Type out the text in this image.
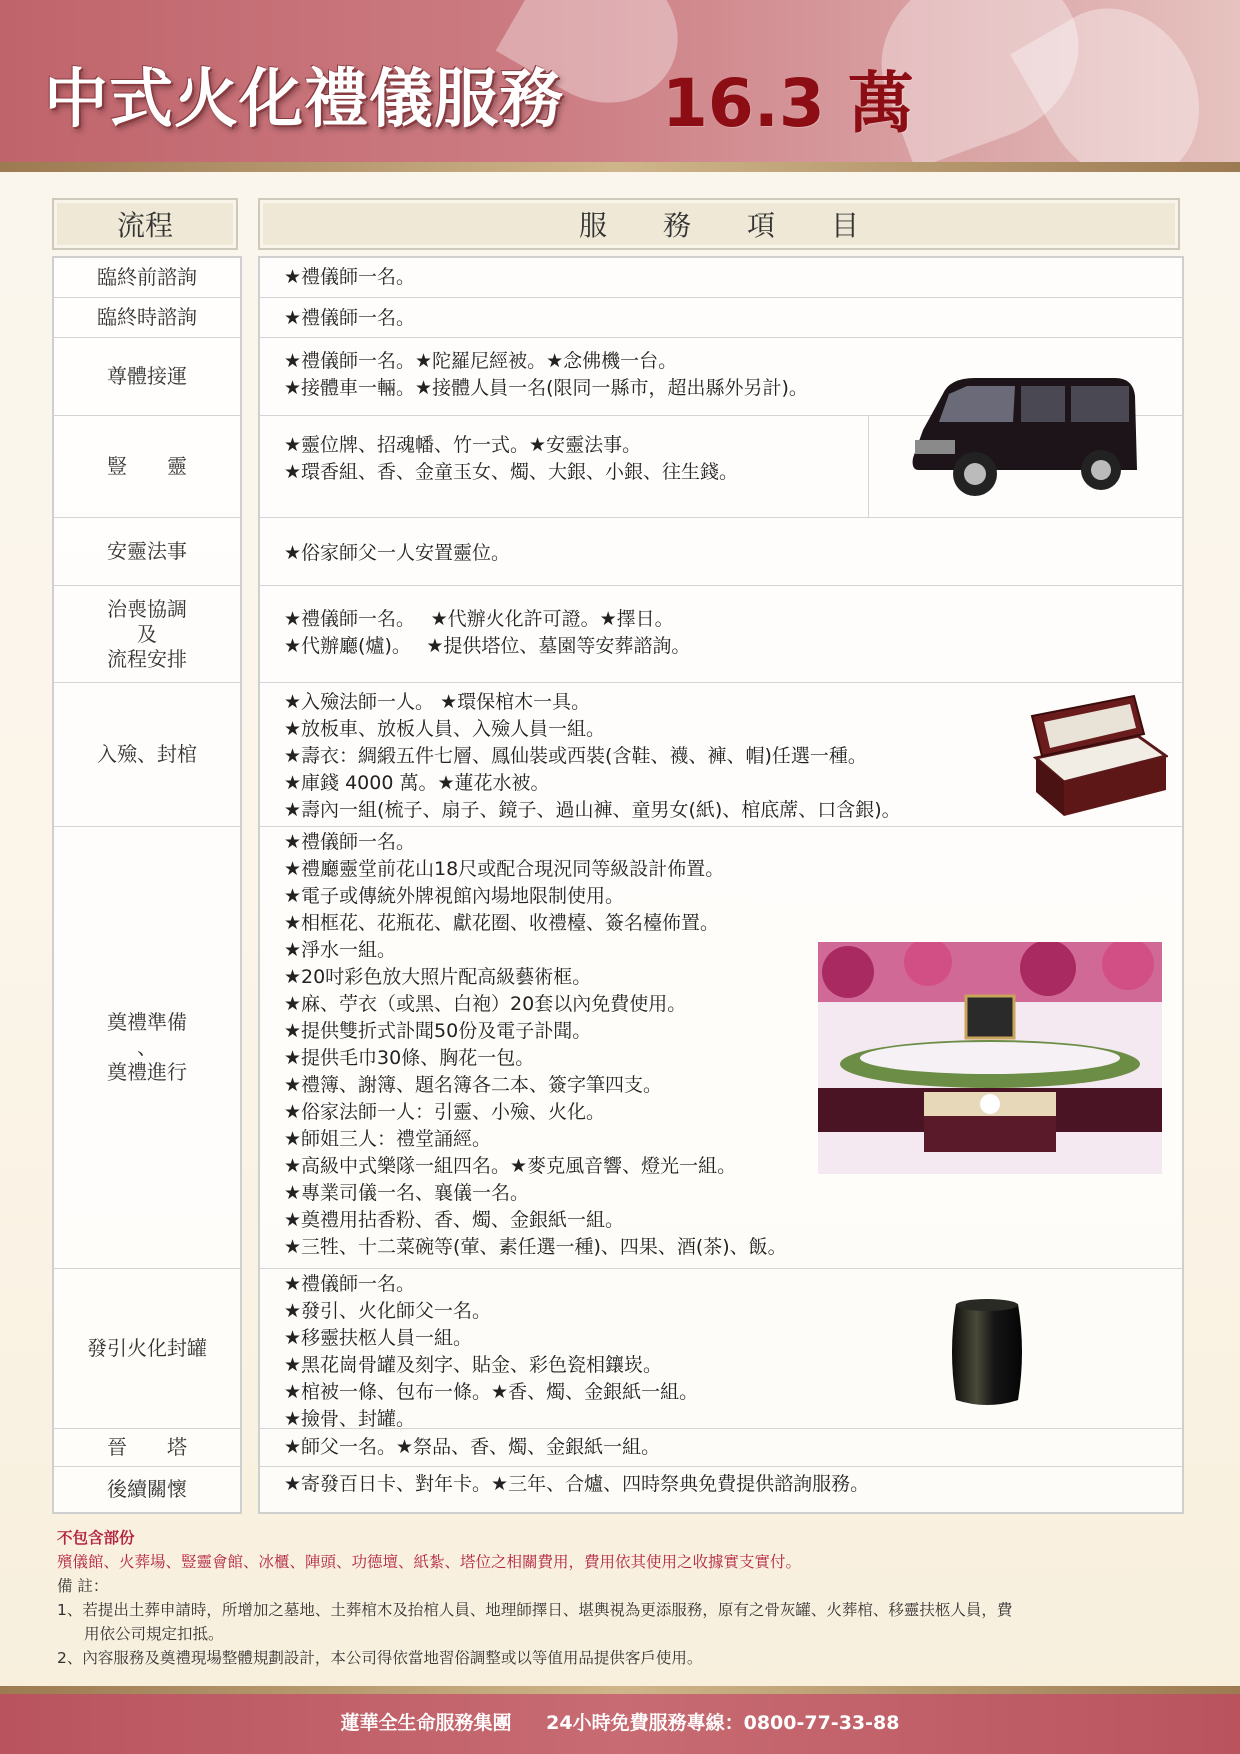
中式火化禮儀服務 16.3 萬
流程	服　　務　　項　　目
臨終前諮詢
臨終時諮詢
尊體接運
豎　　靈
安靈法事
治喪協調
及
流程安排
入殮、封棺
奠禮準備
、
奠禮進行
發引火化封罐
晉　　塔
後續關懷
★禮儀師一名。
★禮儀師一名。
★禮儀師一名。★陀羅尼經被。★念佛機一台。
★接體車一輛。★接體人員一名(限同一縣市，超出縣外另計)。
★靈位牌、招魂幡、竹一式。★安靈法事。
★環香組、香、金童玉女、燭、大銀、小銀、往生錢。
★俗家師父一人安置靈位。
★禮儀師一名。　 ★代辦火化許可證。★擇日。
★代辦廳(爐)。　 ★提供塔位、墓園等安葬諮詢。
★入殮法師一人。 ★環保棺木一具。
★放板車、放板人員、入殮人員一組。
★壽衣：綢緞五件七層、鳳仙裝或西裝(含鞋、襪、褲、帽)任選一種。
★庫錢 4000 萬。★蓮花水被。
★壽內一組(梳子、扇子、鏡子、過山褲、童男女(紙)、棺底蓆、口含銀)。
★禮儀師一名。
★禮廳靈堂前花山18尺或配合現況同等級設計佈置。
★電子或傳統外牌視館內場地限制使用。
★相框花、花瓶花、獻花圈、收禮檯、簽名檯佈置。
★淨水一組。
★20吋彩色放大照片配高級藝術框。
★麻、苧衣（或黑、白袍）20套以內免費使用。
★提供雙折式訃聞50份及電子訃聞。
★提供毛巾30條、胸花一包。
★禮簿、謝簿、題名簿各二本、簽字筆四支。
★俗家法師一人：引靈、小殮、火化。
★師姐三人：禮堂誦經。
★高級中式樂隊一組四名。★麥克風音響、燈光一組。
★專業司儀一名、襄儀一名。
★奠禮用拈香粉、香、燭、金銀紙一組。
★三牲、十二菜碗等(葷、素任選一種)、四果、酒(茶)、飯。
★禮儀師一名。
★發引、火化師父一名。
★移靈扶柩人員一組。
★黑花崗骨罐及刻字、貼金、彩色瓷相鑲崁。
★棺被一條、包布一條。★香、燭、金銀紙一組。
★撿骨、封罐。
★師父一名。★祭品、香、燭、金銀紙一組。
★寄發百日卡、對年卡。★三年、合爐、四時祭典免費提供諮詢服務。
不包含部份
殯儀館、火葬場、豎靈會館、冰櫃、陣頭、功德壇、紙紮、塔位之相關費用，費用依其使用之收據實支實付。
備 註：
1、若提出土葬申請時，所增加之墓地、土葬棺木及抬棺人員、地理師擇日、堪輿視為更添服務，原有之骨灰罐、火葬棺、移靈扶柩人員，費
用依公司規定扣抵。
2、內容服務及奠禮現場整體規劃設計，本公司得依當地習俗調整或以等值用品提供客戶使用。
蓮華全生命服務集團 24小時免費服務專線：0800-77-33-88
